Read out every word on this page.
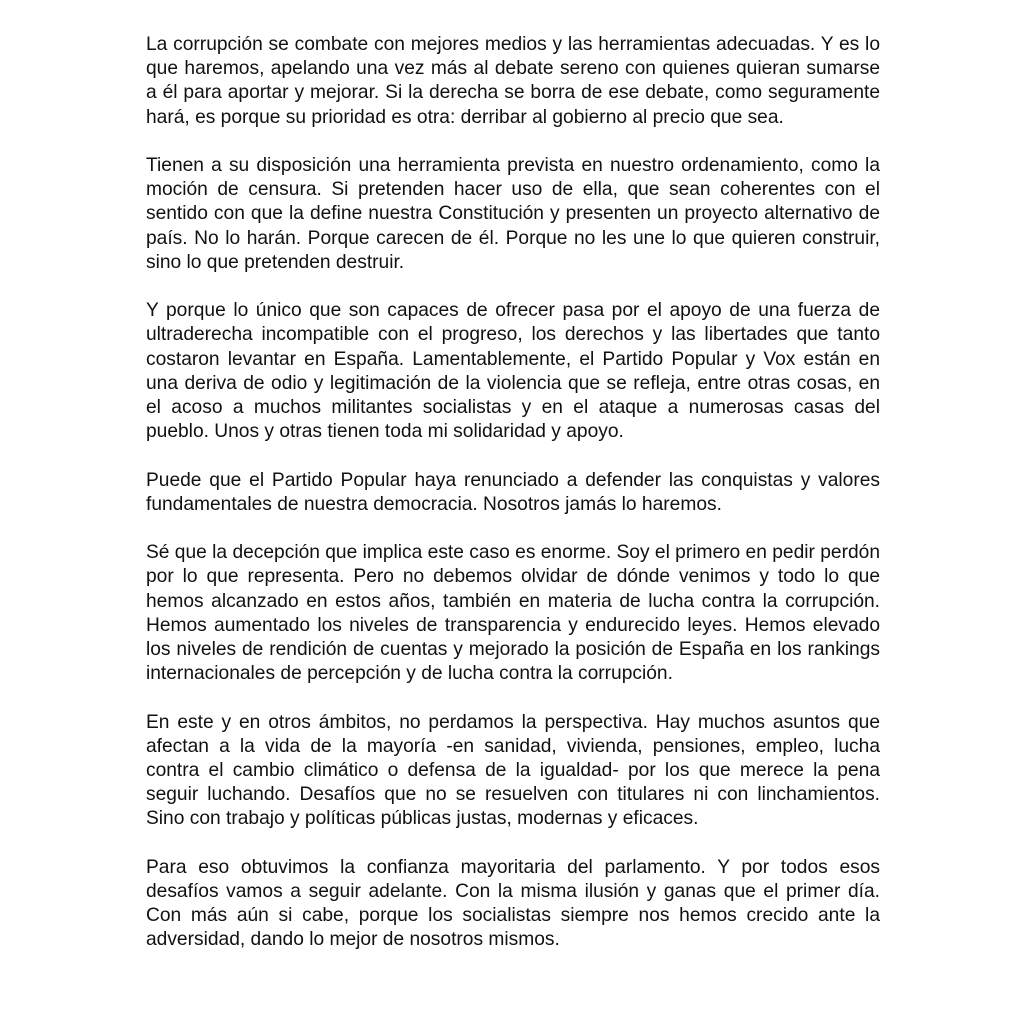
La corrupción se combate con mejores medios y las herramientas adecuadas. Y es lo que haremos, apelando una vez más al debate sereno con quienes quieran sumarse a él para aportar y mejorar. Si la derecha se borra de ese debate, como seguramente hará, es porque su prioridad es otra: derribar al gobierno al precio que sea.

Tienen a su disposición una herramienta prevista en nuestro ordenamiento, como la moción de censura. Si pretenden hacer uso de ella, que sean coherentes con el sentido con que la define nuestra Constitución y presenten un proyecto alternativo de país. No lo harán. Porque carecen de él. Porque no les une lo que quieren construir, sino lo que pretenden destruir.

Y porque lo único que son capaces de ofrecer pasa por el apoyo de una fuerza de ultraderecha incompatible con el progreso, los derechos y las libertades que tanto costaron levantar en España. Lamentablemente, el Partido Popular y Vox están en una deriva de odio y legitimación de la violencia que se refleja, entre otras cosas, en el acoso a muchos militantes socialistas y en el ataque a numerosas casas del pueblo. Unos y otras tienen toda mi solidaridad y apoyo.

Puede que el Partido Popular haya renunciado a defender las conquistas y valores fundamentales de nuestra democracia. Nosotros jamás lo haremos.

Sé que la decepción que implica este caso es enorme. Soy el primero en pedir perdón por lo que representa. Pero no debemos olvidar de dónde venimos y todo lo que hemos alcanzado en estos años, también en materia de lucha contra la corrupción. Hemos aumentado los niveles de transparencia y endurecido leyes. Hemos elevado los niveles de rendición de cuentas y mejorado la posición de España en los rankings internacionales de percepción y de lucha contra la corrupción.

En este y en otros ámbitos, no perdamos la perspectiva. Hay muchos asuntos que afectan a la vida de la mayoría -en sanidad, vivienda, pensiones, empleo, lucha contra el cambio climático o defensa de la igualdad- por los que merece la pena seguir luchando. Desafíos que no se resuelven con titulares ni con linchamientos. Sino con trabajo y políticas públicas justas, modernas y eficaces.

Para eso obtuvimos la confianza mayoritaria del parlamento. Y por todos esos desafíos vamos a seguir adelante. Con la misma ilusión y ganas que el primer día. Con más aún si cabe, porque los socialistas siempre nos hemos crecido ante la adversidad, dando lo mejor de nosotros mismos.
